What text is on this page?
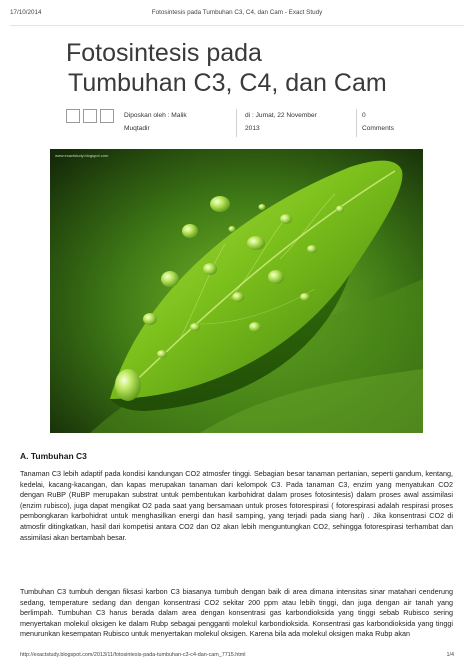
17/10/2014	Fotosintesis pada Tumbuhan C3, C4, dan Cam - Exact Study
Fotosintesis pada
Tumbuhan C3, C4, dan Cam
Diposkan oleh : Malik
Muqtadir
di : Jumat, 22 November
2013
0
Comments
www.exactstudy.blogspot.com
A. Tumbuhan C3

Tanaman C3 lebih adaptif pada kondisi kandungan CO2 atmosfer tinggi. Sebagian besar tanaman pertanian, seperti gandum, kentang, kedelai, kacang-kacangan, dan kapas merupakan tanaman dari kelompok C3. Pada tanaman C3, enzim yang menyatukan CO2 dengan RuBP (RuBP merupakan substrat untuk pembentukan karbohidrat dalam proses fotosintesis) dalam proses awal assimilasi (enzim rubisco), juga dapat mengikat O2 pada saat yang bersamaan untuk proses fotorespirasi ( fotorespirasi adalah respirasi proses pembongkaran karbohidrat untuk menghasilkan energi dan hasil samping, yang terjadi pada siang hari) . Jika konsentrasi CO2 di atmosfir ditingkatkan, hasil dari kompetisi antara CO2 dan O2 akan lebih menguntungkan CO2, sehingga fotorespirasi terhambat dan assimilasi akan bertambah besar.

Tumbuhan C3 tumbuh dengan fiksasi karbon C3 biasanya tumbuh dengan baik di area dimana intensitas sinar matahari cenderung sedang, temperature sedang dan dengan konsentrasi CO2 sekitar 200 ppm atau lebih tinggi, dan juga dengan air tanah yang berlimpah. Tumbuhan C3 harus berada dalam area dengan konsentrasi gas karbondioksida yang tinggi sebab Rubisco sering menyertakan molekul oksigen ke dalam Rubp sebagai pengganti molekul karbondioksida. Konsentrasi gas karbondioksida yang tinggi menurunkan kesempatan Rubisco untuk menyertakan molekul oksigen. Karena bila ada molekul oksigen maka Rubp akan

http://exactstudy.blogspot.com/2013/11/fotosintesis-pada-tumbuhan-c3-c4-dan-cam_7715.html	1/4
